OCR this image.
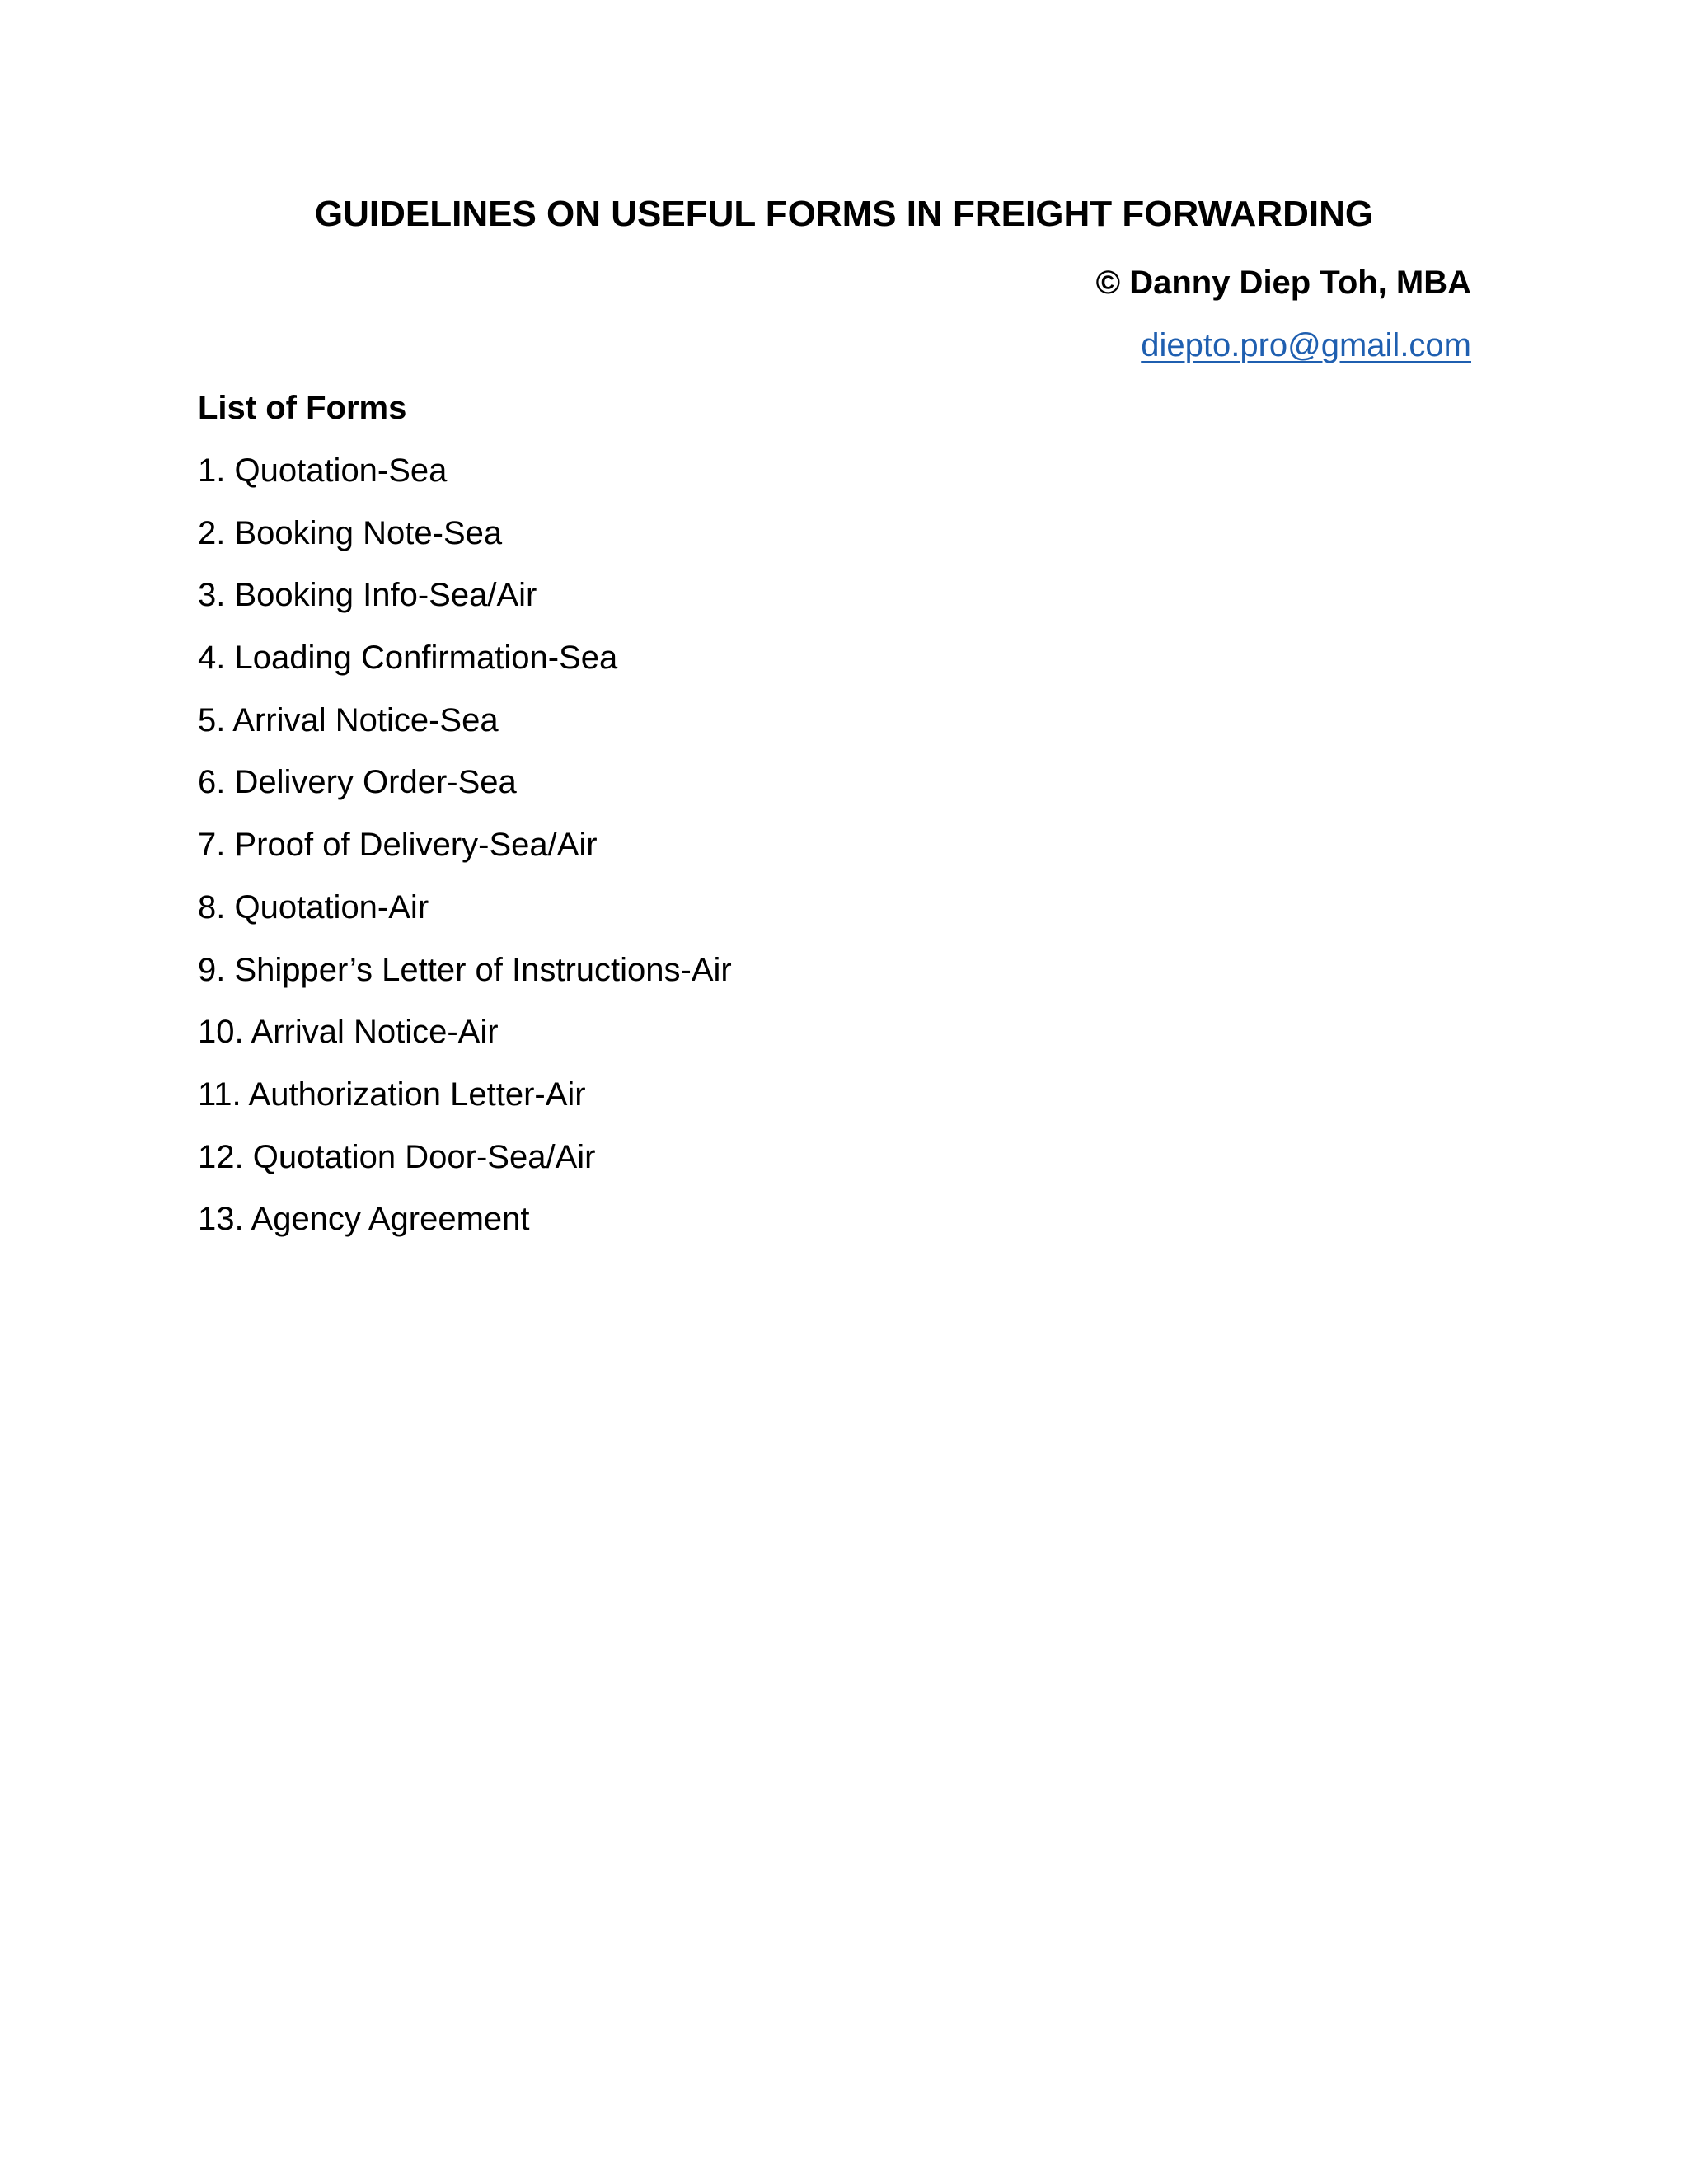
GUIDELINES ON USEFUL FORMS IN FREIGHT FORWARDING
© Danny Diep Toh, MBA
diepto.pro@gmail.com
List of Forms
1. Quotation-Sea
2. Booking Note-Sea
3. Booking Info-Sea/Air
4. Loading Confirmation-Sea
5. Arrival Notice-Sea
6. Delivery Order-Sea
7. Proof of Delivery-Sea/Air
8. Quotation-Air
9. Shipper’s Letter of Instructions-Air
10. Arrival Notice-Air
11. Authorization Letter-Air
12. Quotation Door-Sea/Air
13. Agency Agreement
